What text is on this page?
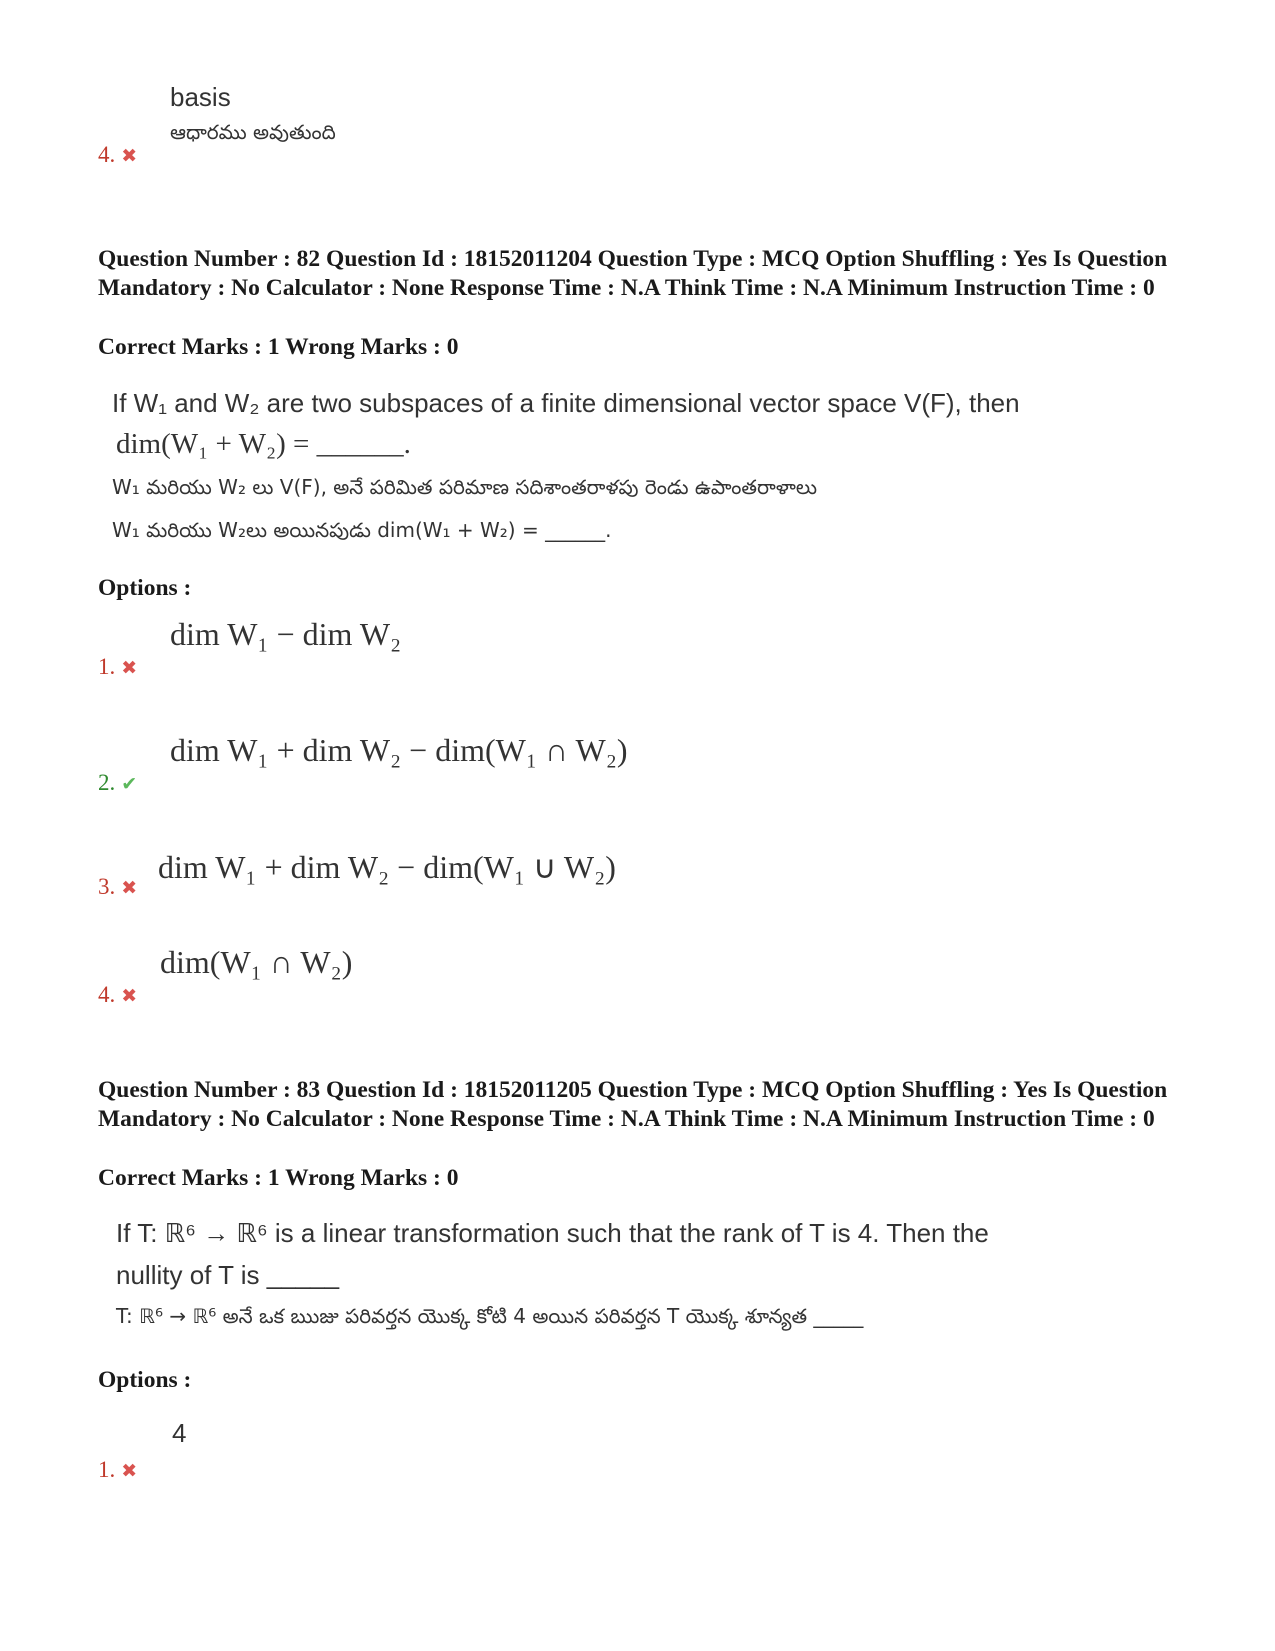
basis
ఆధారము అవుతుంది
4. ✖
Question Number : 82 Question Id : 18152011204 Question Type : MCQ Option Shuffling : Yes Is Question Mandatory : No Calculator : None Response Time : N.A Think Time : N.A Minimum Instruction Time : 0
Correct Marks : 1 Wrong Marks : 0
If W₁ and W₂ are two subspaces of a finite dimensional vector space V(F), then
dim(W₁ + W₂) = ______.
W₁ మరియు W₂ లు V(F), అనే పరిమిత పరిమాణ సదిశాంతరాళపు రెండు ఉపాంతరాళాలు
W₁ మరియు W₂లు అయినపుడు dim(W₁ + W₂) = ______.
Options :
dim W₁ − dim W₂
1. ✖
dim W₁ + dim W₂ − dim(W₁ ∩ W₂)
2. ✔
dim W₁ + dim W₂ − dim(W₁ ∪ W₂)
3. ✖
dim(W₁ ∩ W₂)
4. ✖
Question Number : 83 Question Id : 18152011205 Question Type : MCQ Option Shuffling : Yes Is Question Mandatory : No Calculator : None Response Time : N.A Think Time : N.A Minimum Instruction Time : 0
Correct Marks : 1 Wrong Marks : 0
If T: ℝ⁶ → ℝ⁶ is a linear transformation such that the rank of T is 4. Then the
nullity of T is _____
T: ℝ⁶ → ℝ⁶ అనే ఒక ఋజు పరివర్తన యొక్క కోటి 4 అయిన పరివర్తన T యొక్క శూన్యత _____
Options :
4
1. ✖
